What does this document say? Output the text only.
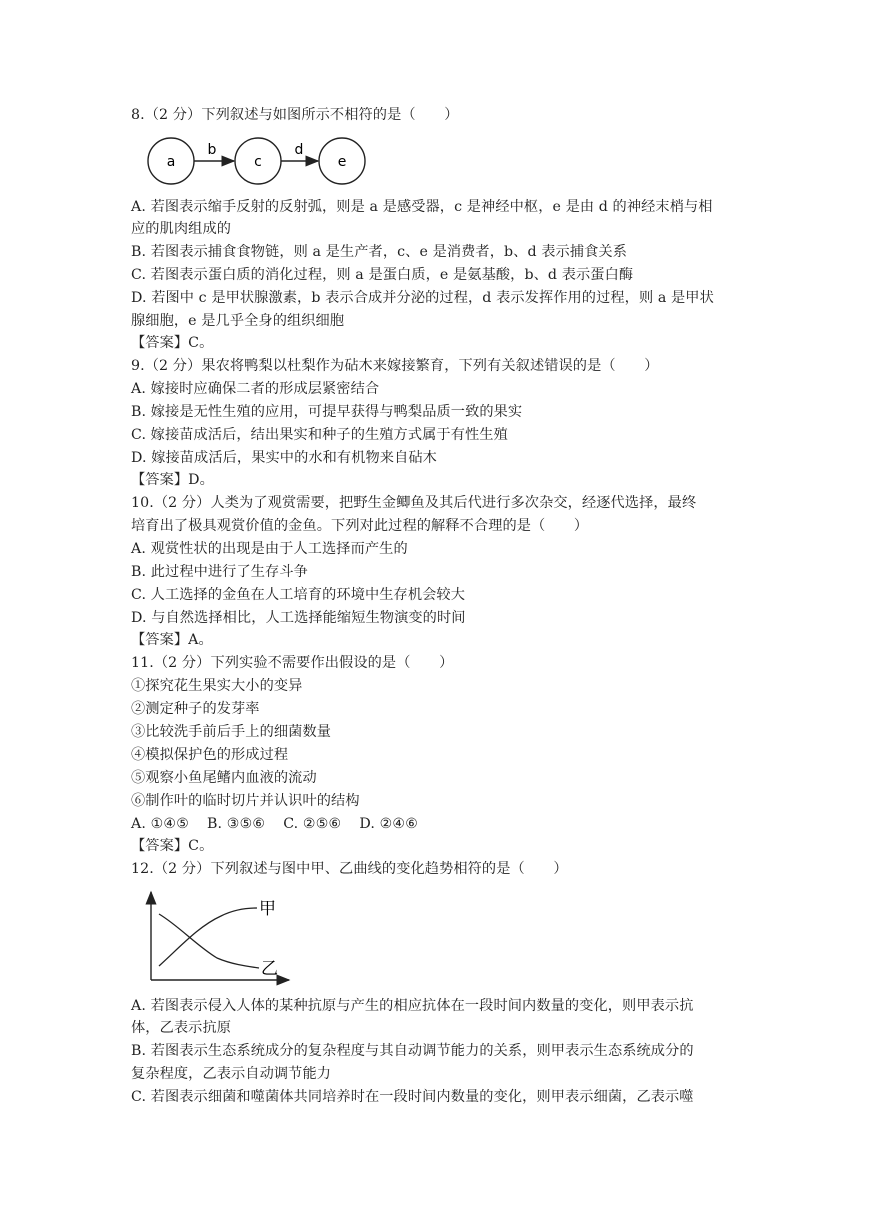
8.（2 分）下列叙述与如图所示不相符的是（　　）
a	c	e
b	d
A. 若图表示缩手反射的反射弧，则是 a 是感受器，c 是神经中枢，e 是由 d 的神经末梢与相
应的肌肉组成的
B. 若图表示捕食食物链，则 a 是生产者，c、e 是消费者，b、d 表示捕食关系
C. 若图表示蛋白质的消化过程，则 a 是蛋白质，e 是氨基酸，b、d 表示蛋白酶
D. 若图中 c 是甲状腺激素，b 表示合成并分泌的过程，d 表示发挥作用的过程，则 a 是甲状
腺细胞，e 是几乎全身的组织细胞
【答案】C。
9.（2 分）果农将鸭梨以杜梨作为砧木来嫁接繁育，下列有关叙述错误的是（　　）
A. 嫁接时应确保二者的形成层紧密结合
B. 嫁接是无性生殖的应用，可提早获得与鸭梨品质一致的果实
C. 嫁接苗成活后，结出果实和种子的生殖方式属于有性生殖
D. 嫁接苗成活后，果实中的水和有机物来自砧木
【答案】D。
10.（2 分）人类为了观赏需要，把野生金鲫鱼及其后代进行多次杂交，经逐代选择，最终
培育出了极具观赏价值的金鱼。下列对此过程的解释不合理的是（　　）
A. 观赏性状的出现是由于人工选择而产生的
B. 此过程中进行了生存斗争
C. 人工选择的金鱼在人工培育的环境中生存机会较大
D. 与自然选择相比，人工选择能缩短生物演变的时间
【答案】A。
11.（2 分）下列实验不需要作出假设的是（　　）
①探究花生果实大小的变异
②测定种子的发芽率
③比较洗手前后手上的细菌数量
④模拟保护色的形成过程
⑤观察小鱼尾鳍内血液的流动
⑥制作叶的临时切片并认识叶的结构
A. ①④⑤ B. ③⑤⑥ C. ②⑤⑥ D. ②④⑥
【答案】C。
12.（2 分）下列叙述与图中甲、乙曲线的变化趋势相符的是（　　）
甲
乙
A. 若图表示侵入人体的某种抗原与产生的相应抗体在一段时间内数量的变化，则甲表示抗
体，乙表示抗原
B. 若图表示生态系统成分的复杂程度与其自动调节能力的关系，则甲表示生态系统成分的
复杂程度，乙表示自动调节能力
C. 若图表示细菌和噬菌体共同培养时在一段时间内数量的变化，则甲表示细菌，乙表示噬
